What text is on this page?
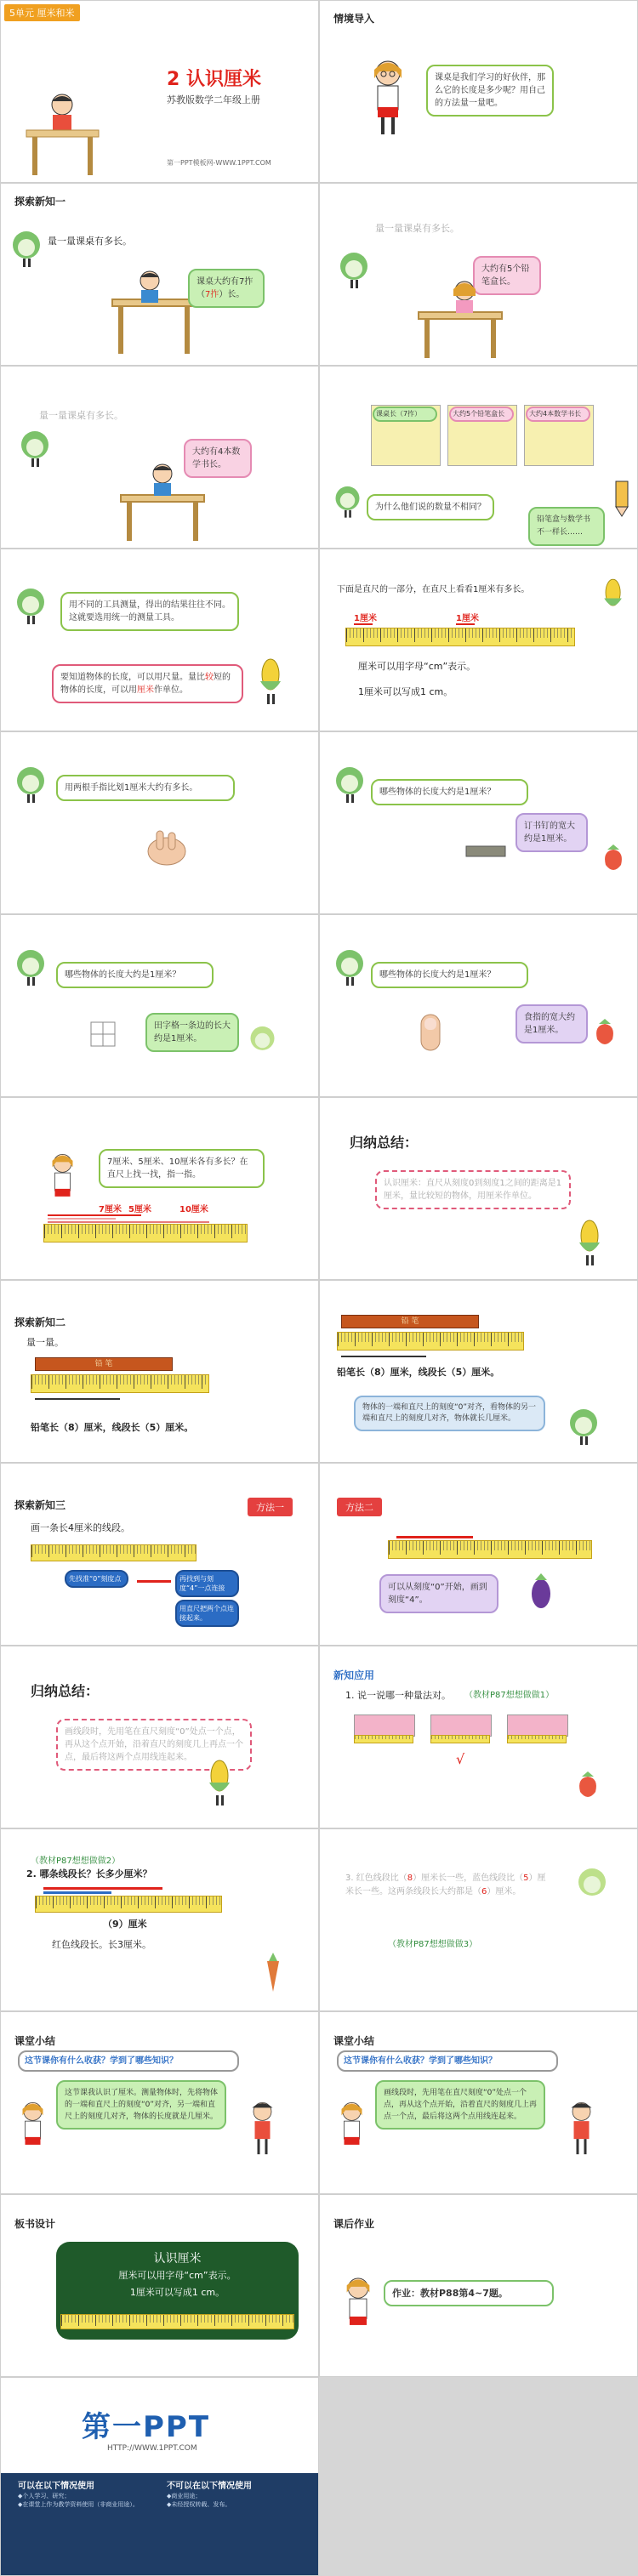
5单元 厘米和米
2 认识厘米
苏教版数学二年级上册
第一PPT模板网-WWW.1PPT.COM
情境导入
课桌是我们学习的好伙伴，那么它的长度是多少呢？用自己的方法量一量吧。
探索新知一
量一量课桌有多长。
课桌大约有7拃
（7拃）长。
量一量课桌有多长。
大约有5个铅笔盒长。
量一量课桌有多长。
大约有4本数学书长。
课桌长（7拃）	大约5个铅笔盒长	大约4本数学书长
为什么他们说的数量不相同？
铅笔盒与数学书不一样长……
用不同的工具测量，得出的结果往往不同。这就要选用统一的测量工具。
要知道物体的长度，可以用尺量。量比较短的物体的长度，可以用厘米作单位。
下面是直尺的一部分，在直尺上看看1厘米有多长。
1厘米	1厘米
厘米可以用字母“cm”表示。
1厘米可以写成1 cm。
用两根手指比划1厘米大约有多长。	哪些物体的长度大约是1厘米？
订书钉的宽大约是1厘米。
哪些物体的长度大约是1厘米？
田字格一条边的长大约是1厘米。
哪些物体的长度大约是1厘米？
食指的宽大约是1厘米。
7厘米、5厘米、10厘米各有多长？在直尺上找一找，指一指。
7厘米 5厘米	10厘米
归纳总结：
认识厘米：直尺从刻度0到刻度1之间的距离是1厘米，量比较短的物体，用厘米作单位。
探索新知二
量一量。
铅 笔
铅笔长（8）厘米，线段长（5）厘米。
铅 笔
铅笔长（8）厘米，线段长（5）厘米。
物体的一端和直尺上的刻度“0”对齐，看物体的另一端和直尺上的刻度几对齐，物体就长几厘米。
探索新知三	方法一
画一条长4厘米的线段。
先找准“0”刻度点	再找到与刻度“4”一点连接
用直尺把两个点连接起来。
方法二
可以从刻度“0”开始，画到刻度“4”。
归纳总结：
画线段时，先用笔在直尺刻度“0”处点一个点，再从这个点开始，沿着直尺的刻度几上再点一个点，最后将这两个点用线连起来。
新知应用
1. 说一说哪一种量法对。 （教材P87想想做做1）
√
（教材P87想想做做2）
2. 哪条线段长？长多少厘米？
（9）厘米
红色线段长。长3厘米。
3. 红色线段比（8）厘米长一些，蓝色线段比（5）厘米长一些。这两条线段长大约都是（6）厘米。
（教材P87想想做做3）
课堂小结
这节课你有什么收获？学到了哪些知识？
这节课我认识了厘米。测量物体时，先将物体的一端和直尺上的刻度“0”对齐，另一端和直尺上的刻度几对齐，物体的长度就是几厘米。
课堂小结
这节课你有什么收获？学到了哪些知识？
画线段时，先用笔在直尺刻度“0”处点一个点，再从这个点开始，沿着直尺的刻度几上再点一个点，最后将这两个点用线连起来。
板书设计
认识厘米
厘米可以用字母“cm”表示。
1厘米可以写成1 cm。
课后作业
作业：教材P88第4~7题。
第一PPT
HTTP://WWW.1PPT.COM
可以在以下情况使用
◆个人学习、研究；
◆在课堂上作为教学资料使用（非商业用途）。
不可以在以下情况使用
◆商业用途；
◆未经授权转载、发布。
